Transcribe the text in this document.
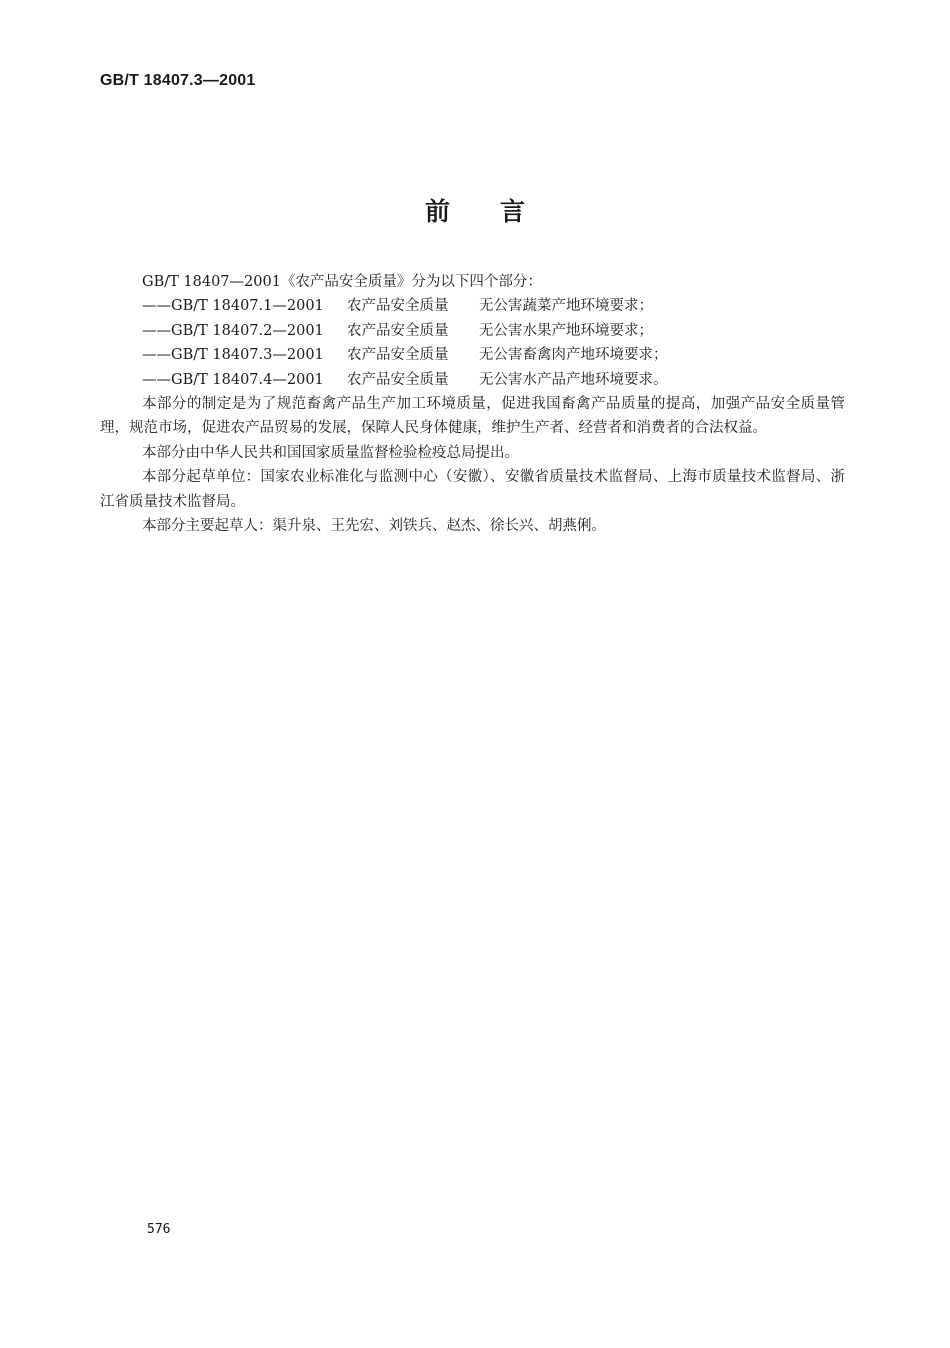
GB/T 18407.3—2001
前 言
GB/T 18407—2001《农产品安全质量》分为以下四个部分：
——GB/T 18407.1—2001 农产品安全质量 无公害蔬菜产地环境要求；
——GB/T 18407.2—2001 农产品安全质量 无公害水果产地环境要求；
——GB/T 18407.3—2001 农产品安全质量 无公害畜禽肉产地环境要求；
——GB/T 18407.4—2001 农产品安全质量 无公害水产品产地环境要求。
本部分的制定是为了规范畜禽产品生产加工环境质量，促进我国畜禽产品质量的提高，加强产品安全质量管理，规范市场，促进农产品贸易的发展，保障人民身体健康，维护生产者、经营者和消费者的合法权益。
本部分由中华人民共和国国家质量监督检验检疫总局提出。
本部分起草单位：国家农业标准化与监测中心（安徽）、安徽省质量技术监督局、上海市质量技术监督局、浙江省质量技术监督局。
本部分主要起草人：渠升泉、王先宏、刘铁兵、赵杰、徐长兴、胡燕俐。
576
